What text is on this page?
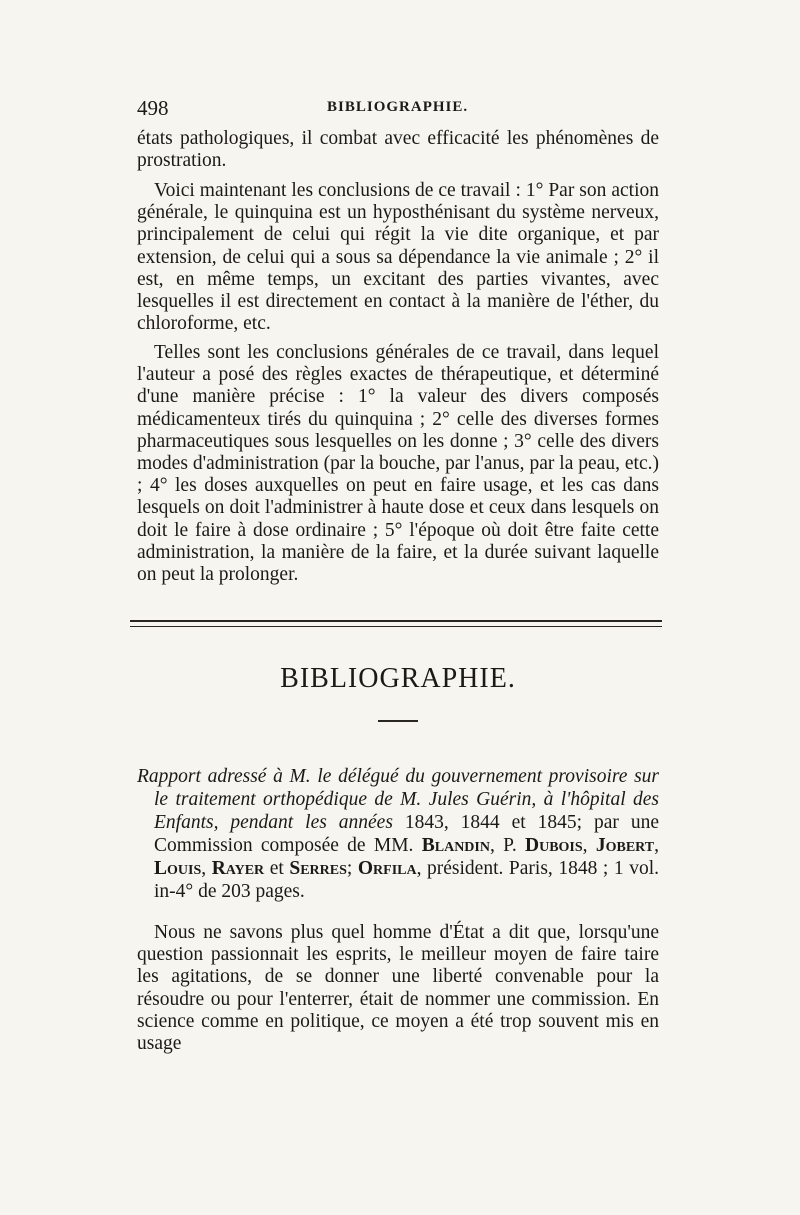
498	BIBLIOGRAPHIE.

états pathologiques, il combat avec efficacité les phénomènes de prostration.

Voici maintenant les conclusions de ce travail : 1° Par son action générale, le quinquina est un hyposthénisant du système nerveux, principalement de celui qui régit la vie dite organique, et par extension, de celui qui a sous sa dépendance la vie animale ; 2° il est, en même temps, un excitant des parties vivantes, avec lesquelles il est directement en contact à la manière de l'éther, du chloroforme, etc.

Telles sont les conclusions générales de ce travail, dans lequel l'auteur a posé des règles exactes de thérapeutique, et déterminé d'une manière précise : 1° la valeur des divers composés médicamenteux tirés du quinquina ; 2° celle des diverses formes pharmaceutiques sous lesquelles on les donne ; 3° celle des divers modes d'administration (par la bouche, par l'anus, par la peau, etc.) ; 4° les doses auxquelles on peut en faire usage, et les cas dans lesquels on doit l'administrer à haute dose et ceux dans lesquels on doit le faire à dose ordinaire ; 5° l'époque où doit être faite cette administration, la manière de la faire, et la durée suivant laquelle on peut la prolonger.

BIBLIOGRAPHIE.

Rapport adressé à M. le délégué du gouvernement provisoire sur le traitement orthopédique de M. Jules Guérin, à l'hôpital des Enfants, pendant les années 1843, 1844 et 1845; par une Commission composée de MM. Blandin, P. Dubois, Jobert, Louis, Rayer et Serres; Orfila, président. Paris, 1848 ; 1 vol. in-4° de 203 pages.

Nous ne savons plus quel homme d'État a dit que, lorsqu'une question passionnait les esprits, le meilleur moyen de faire taire les agitations, de se donner une liberté convenable pour la résoudre ou pour l'enterrer, était de nommer une commission. En science comme en politique, ce moyen a été trop souvent mis en usage
